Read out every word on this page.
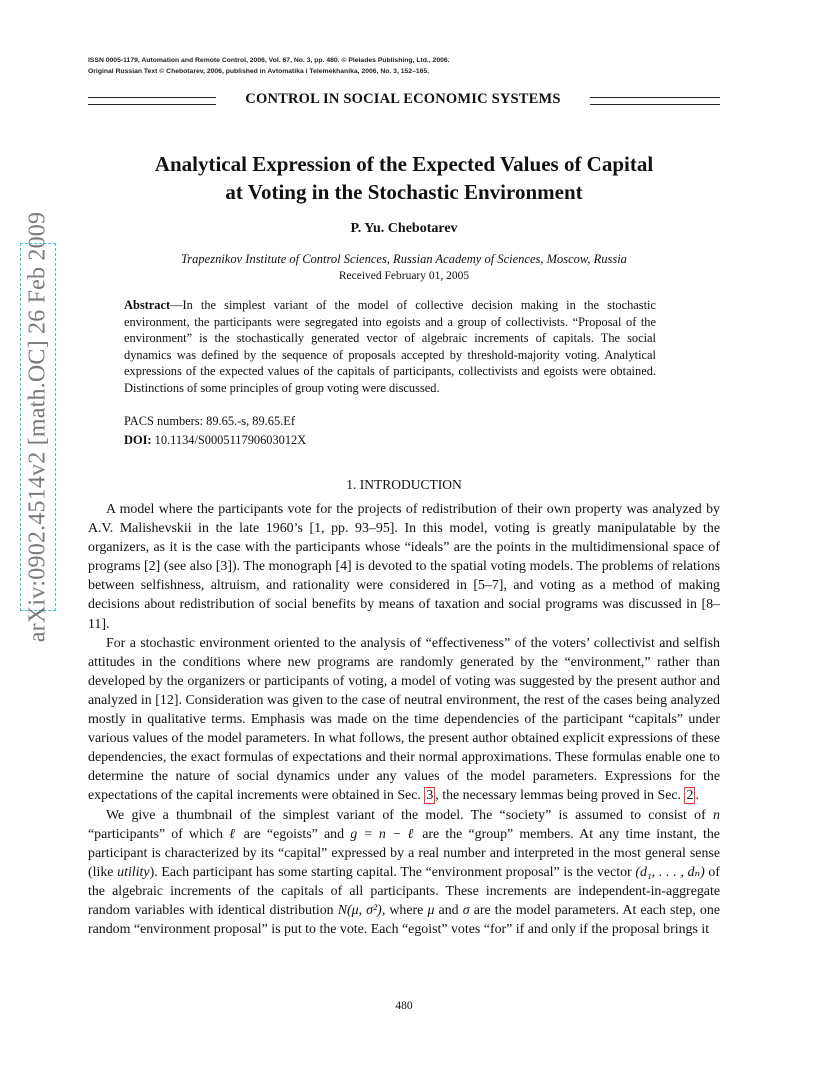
ISSN 0005-1179, Automation and Remote Control, 2006, Vol. 67, No. 3, pp. 480. © Pleiades Publishing, Ltd., 2006.
Original Russian Text © Chebotarev, 2006, published in Avtomatika i Telemekhanika, 2006, No. 3, 152–165.
CONTROL IN SOCIAL ECONOMIC SYSTEMS
Analytical Expression of the Expected Values of Capital
at Voting in the Stochastic Environment
P. Yu. Chebotarev
Trapeznikov Institute of Control Sciences, Russian Academy of Sciences, Moscow, Russia
Received February 01, 2005
Abstract—In the simplest variant of the model of collective decision making in the stochastic environment, the participants were segregated into egoists and a group of collectivists. “Proposal of the environment” is the stochastically generated vector of algebraic increments of capitals. The social dynamics was defined by the sequence of proposals accepted by threshold-majority voting. Analytical expressions of the expected values of the capitals of participants, collectivists and egoists were obtained. Distinctions of some principles of group voting were discussed.
PACS numbers: 89.65.-s, 89.65.Ef
DOI: 10.1134/S000511790603012X
1. INTRODUCTION

A model where the participants vote for the projects of redistribution of their own property was analyzed by A.V. Malishevskii in the late 1960’s [1, pp. 93–95]. In this model, voting is greatly manipulatable by the organizers, as it is the case with the participants whose “ideals” are the points in the multidimensional space of programs [2] (see also [3]). The monograph [4] is devoted to the spatial voting models. The problems of relations between selfishness, altruism, and rationality were considered in [5–7], and voting as a method of making decisions about redistribution of social benefits by means of taxation and social programs was discussed in [8–11].

For a stochastic environment oriented to the analysis of “effectiveness” of the voters’ collectivist and selfish attitudes in the conditions where new programs are randomly generated by the “environment,” rather than developed by the organizers or participants of voting, a model of voting was suggested by the present author and analyzed in [12]. Consideration was given to the case of neutral environment, the rest of the cases being analyzed mostly in qualitative terms. Emphasis was made on the time dependencies of the participant “capitals” under various values of the model parameters. In what follows, the present author obtained explicit expressions of these dependencies, the exact formulas of expectations and their normal approximations. These formulas enable one to determine the nature of social dynamics under any values of the model parameters. Expressions for the expectations of the capital increments were obtained in Sec. 3 , the necessary lemmas being proved in Sec. 2 .

We give a thumbnail of the simplest variant of the model. The “society” is assumed to consist of n “participants” of which ℓ are “egoists” and g = n − ℓ are the “group” members. At any time instant, the participant is characterized by its “capital” expressed by a real number and interpreted in the most general sense (like utility). Each participant has some starting capital. The “environment proposal” is the vector (d₁, . . . , dₙ) of the algebraic increments of the capitals of all participants. These increments are independent-in-aggregate random variables with identical distribution N(μ, σ²), where μ and σ are the model parameters. At each step, one random “environment proposal” is put to the vote. Each “egoist” votes “for” if and only if the proposal brings it

480
arXiv:0902.4514v2 [math.OC] 26 Feb 2009
